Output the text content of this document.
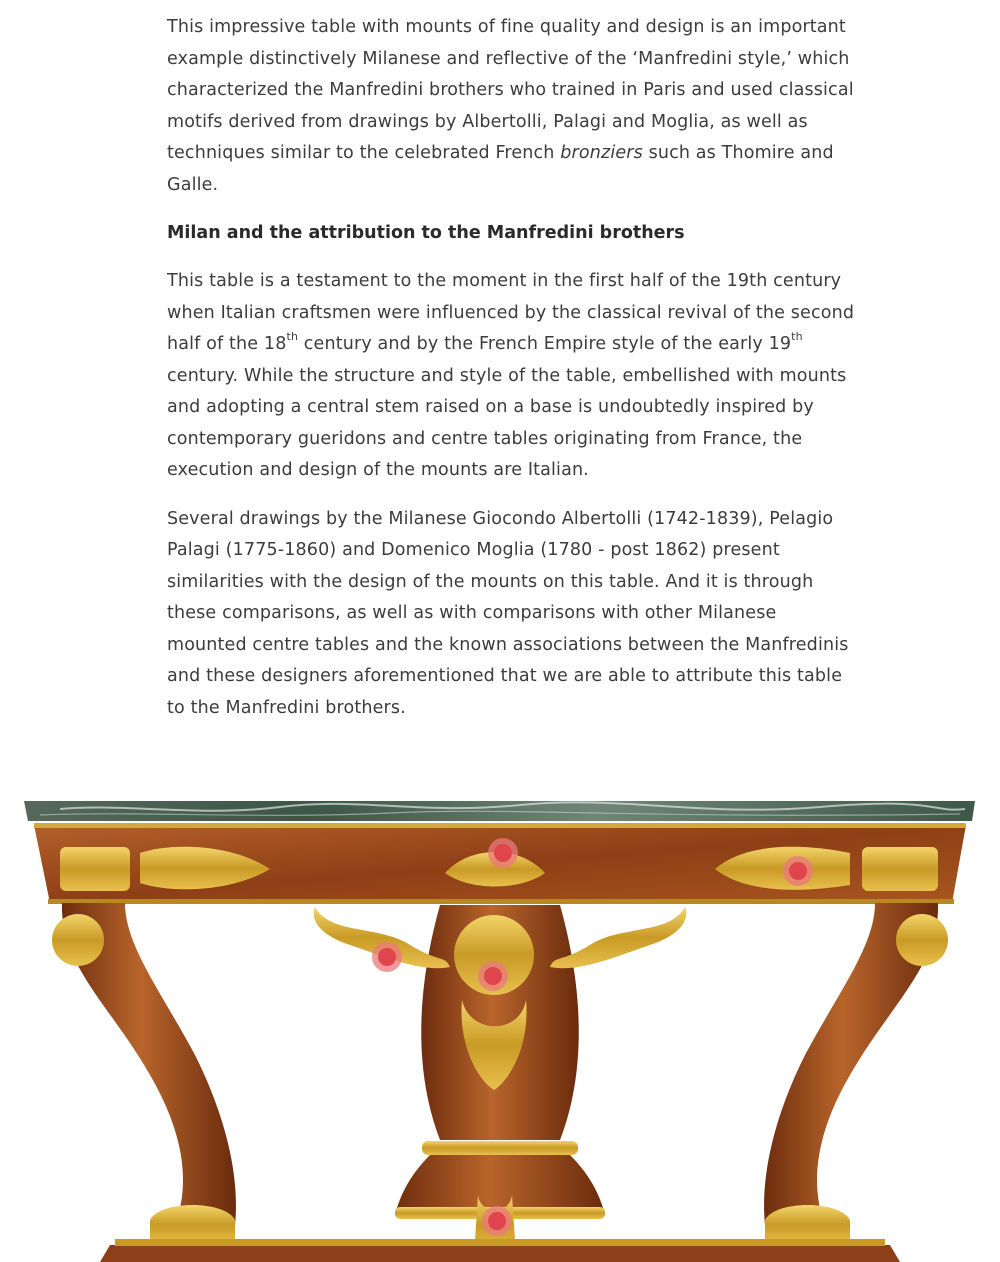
This impressive table with mounts of fine quality and design is an important example distinctively Milanese and reflective of the ‘Manfredini style,’ which characterized the Manfredini brothers who trained in Paris and used classical motifs derived from drawings by Albertolli, Palagi and Moglia, as well as techniques similar to the celebrated French bronziers such as Thomire and Galle.

Milan and the attribution to the Manfredini brothers

This table is a testament to the moment in the first half of the 19th century when Italian craftsmen were influenced by the classical revival of the second half of the 18th century and by the French Empire style of the early 19th century. While the structure and style of the table, embellished with mounts and adopting a central stem raised on a base is undoubtedly inspired by contemporary gueridons and centre tables originating from France, the execution and design of the mounts are Italian.

Several drawings by the Milanese Giocondo Albertolli (1742-1839), Pelagio Palagi (1775-1860) and Domenico Moglia (1780 - post 1862) present similarities with the design of the mounts on this table. And it is through these comparisons, as well as with comparisons with other Milanese mounted centre tables and the known associations between the Manfredinis and these designers aforementioned that we are able to attribute this table to the Manfredini brothers.
